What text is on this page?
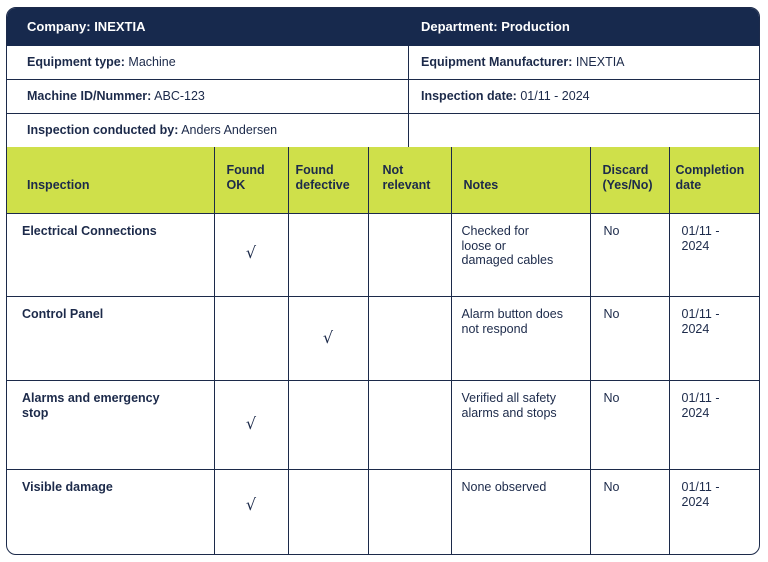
Company: INEXTIA	Department: Production
Equipment type: Machine	Equipment Manufacturer: INEXTIA
Machine ID/Nummer: ABC-123	Inspection date: 01/11 - 2024
Inspection conducted by: Anders Andersen
Inspection	Found OK	Found defective	Not relevant	Notes	Discard (Yes/No)	Completion date

Electrical Connections	√			Checked for loose or damaged cables	No	01/11 - 2024

Control Panel		√		Alarm button does not respond	No	01/11 - 2024

Alarms and emergency stop	√			Verified all safety alarms and stops	No	01/11 - 2024

Visible damage	√			None observed	No	01/11 - 2024
